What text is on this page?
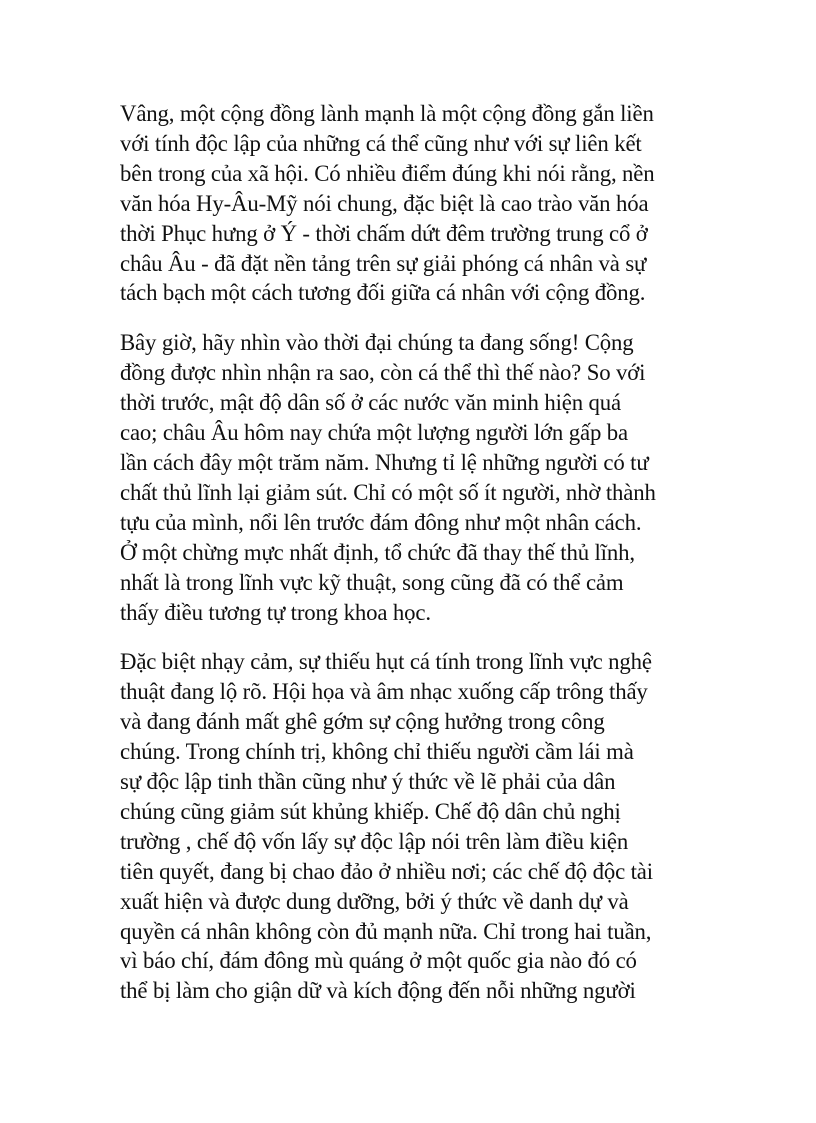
Vâng, một cộng đồng lành mạnh là một cộng đồng gắn liền
với tính độc lập của những cá thể cũng như với sự liên kết
bên trong của xã hội. Có nhiều điểm đúng khi nói rằng, nền
văn hóa Hy-Âu-Mỹ nói chung, đặc biệt là cao trào văn hóa
thời Phục hưng ở Ý - thời chấm dứt đêm trường trung cổ ở
châu Âu - đã đặt nền tảng trên sự giải phóng cá nhân và sự
tách bạch một cách tương đối giữa cá nhân với cộng đồng.

Bây giờ, hãy nhìn vào thời đại chúng ta đang sống! Cộng
đồng được nhìn nhận ra sao, còn cá thể thì thế nào? So với
thời trước, mật độ dân số ở các nước văn minh hiện quá
cao; châu Âu hôm nay chứa một lượng người lớn gấp ba
lần cách đây một trăm năm. Nhưng tỉ lệ những người có tư
chất thủ lĩnh lại giảm sút. Chỉ có một số ít người, nhờ thành
tựu của mình, nổi lên trước đám đông như một nhân cách.
Ở một chừng mực nhất định, tổ chức đã thay thế thủ lĩnh,
nhất là trong lĩnh vực kỹ thuật, song cũng đã có thể cảm
thấy điều tương tự trong khoa học.

Đặc biệt nhạy cảm, sự thiếu hụt cá tính trong lĩnh vực nghệ
thuật đang lộ rõ. Hội họa và âm nhạc xuống cấp trông thấy
và đang đánh mất ghê gớm sự cộng hưởng trong công
chúng. Trong chính trị, không chỉ thiếu người cầm lái mà
sự độc lập tinh thần cũng như ý thức về lẽ phải của dân
chúng cũng giảm sút khủng khiếp. Chế độ dân chủ nghị
trường , chế độ vốn lấy sự độc lập nói trên làm điều kiện
tiên quyết, đang bị chao đảo ở nhiều nơi; các chế độ độc tài
xuất hiện và được dung dưỡng, bởi ý thức về danh dự và
quyền cá nhân không còn đủ mạnh nữa. Chỉ trong hai tuần,
vì báo chí, đám đông mù quáng ở một quốc gia nào đó có
thể bị làm cho giận dữ và kích động đến nỗi những người
